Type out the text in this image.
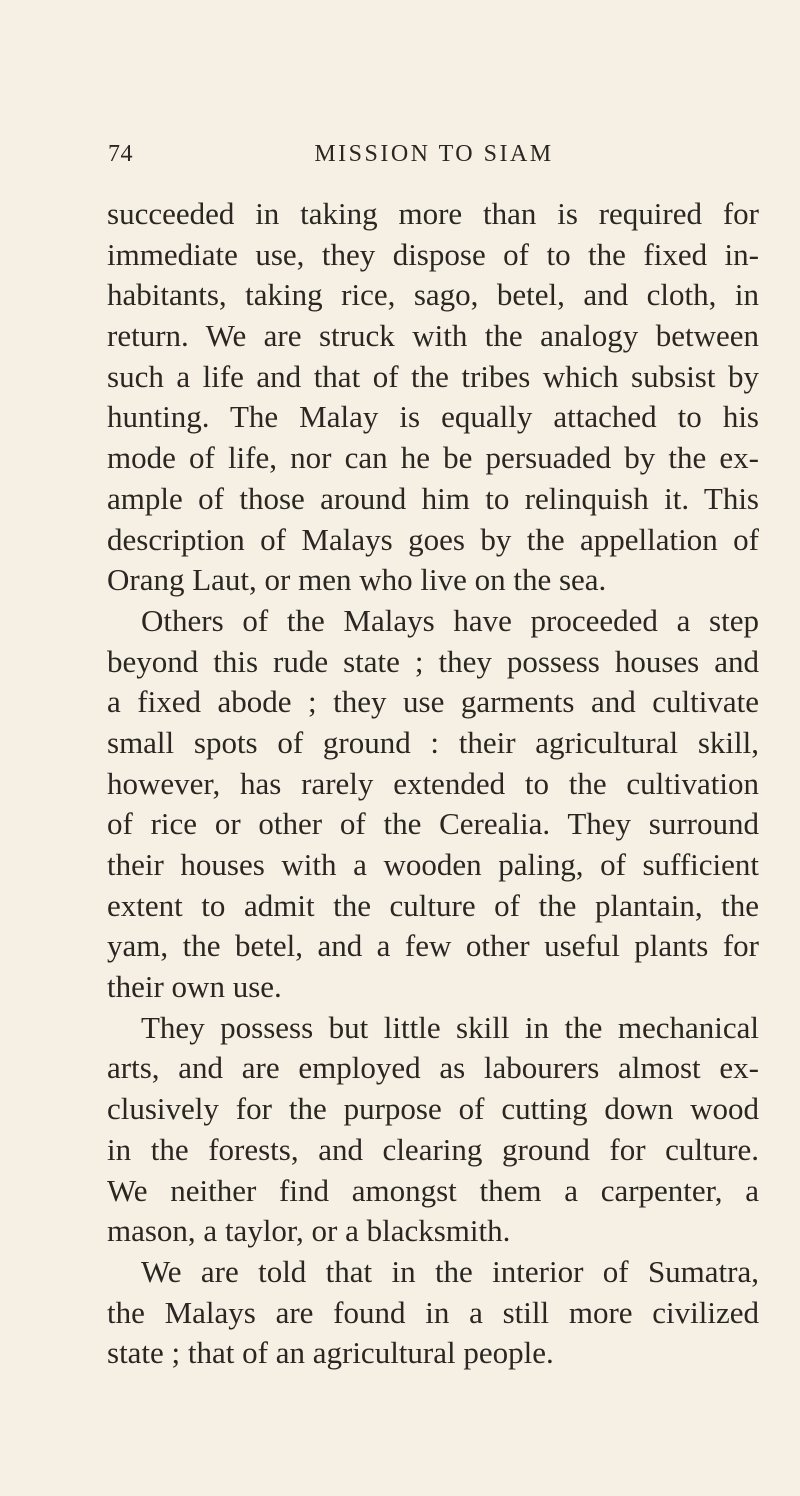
74	MISSION TO SIAM
succeeded in taking more than is required for
immediate use, they dispose of to the fixed in-
habitants, taking rice, sago, betel, and cloth, in
return. We are struck with the analogy between
such a life and that of the tribes which subsist by
hunting. The Malay is equally attached to his
mode of life, nor can he be persuaded by the ex-
ample of those around him to relinquish it. This
description of Malays goes by the appellation of
Orang Laut, or men who live on the sea.
Others of the Malays have proceeded a step
beyond this rude state ; they possess houses and
a fixed abode ; they use garments and cultivate
small spots of ground : their agricultural skill,
however, has rarely extended to the cultivation
of rice or other of the Cerealia. They surround
their houses with a wooden paling, of sufficient
extent to admit the culture of the plantain, the
yam, the betel, and a few other useful plants for
their own use.
They possess but little skill in the mechanical
arts, and are employed as labourers almost ex-
clusively for the purpose of cutting down wood
in the forests, and clearing ground for culture.
We neither find amongst them a carpenter, a
mason, a taylor, or a blacksmith.
We are told that in the interior of Sumatra,
the Malays are found in a still more civilized
state ; that of an agricultural people.
